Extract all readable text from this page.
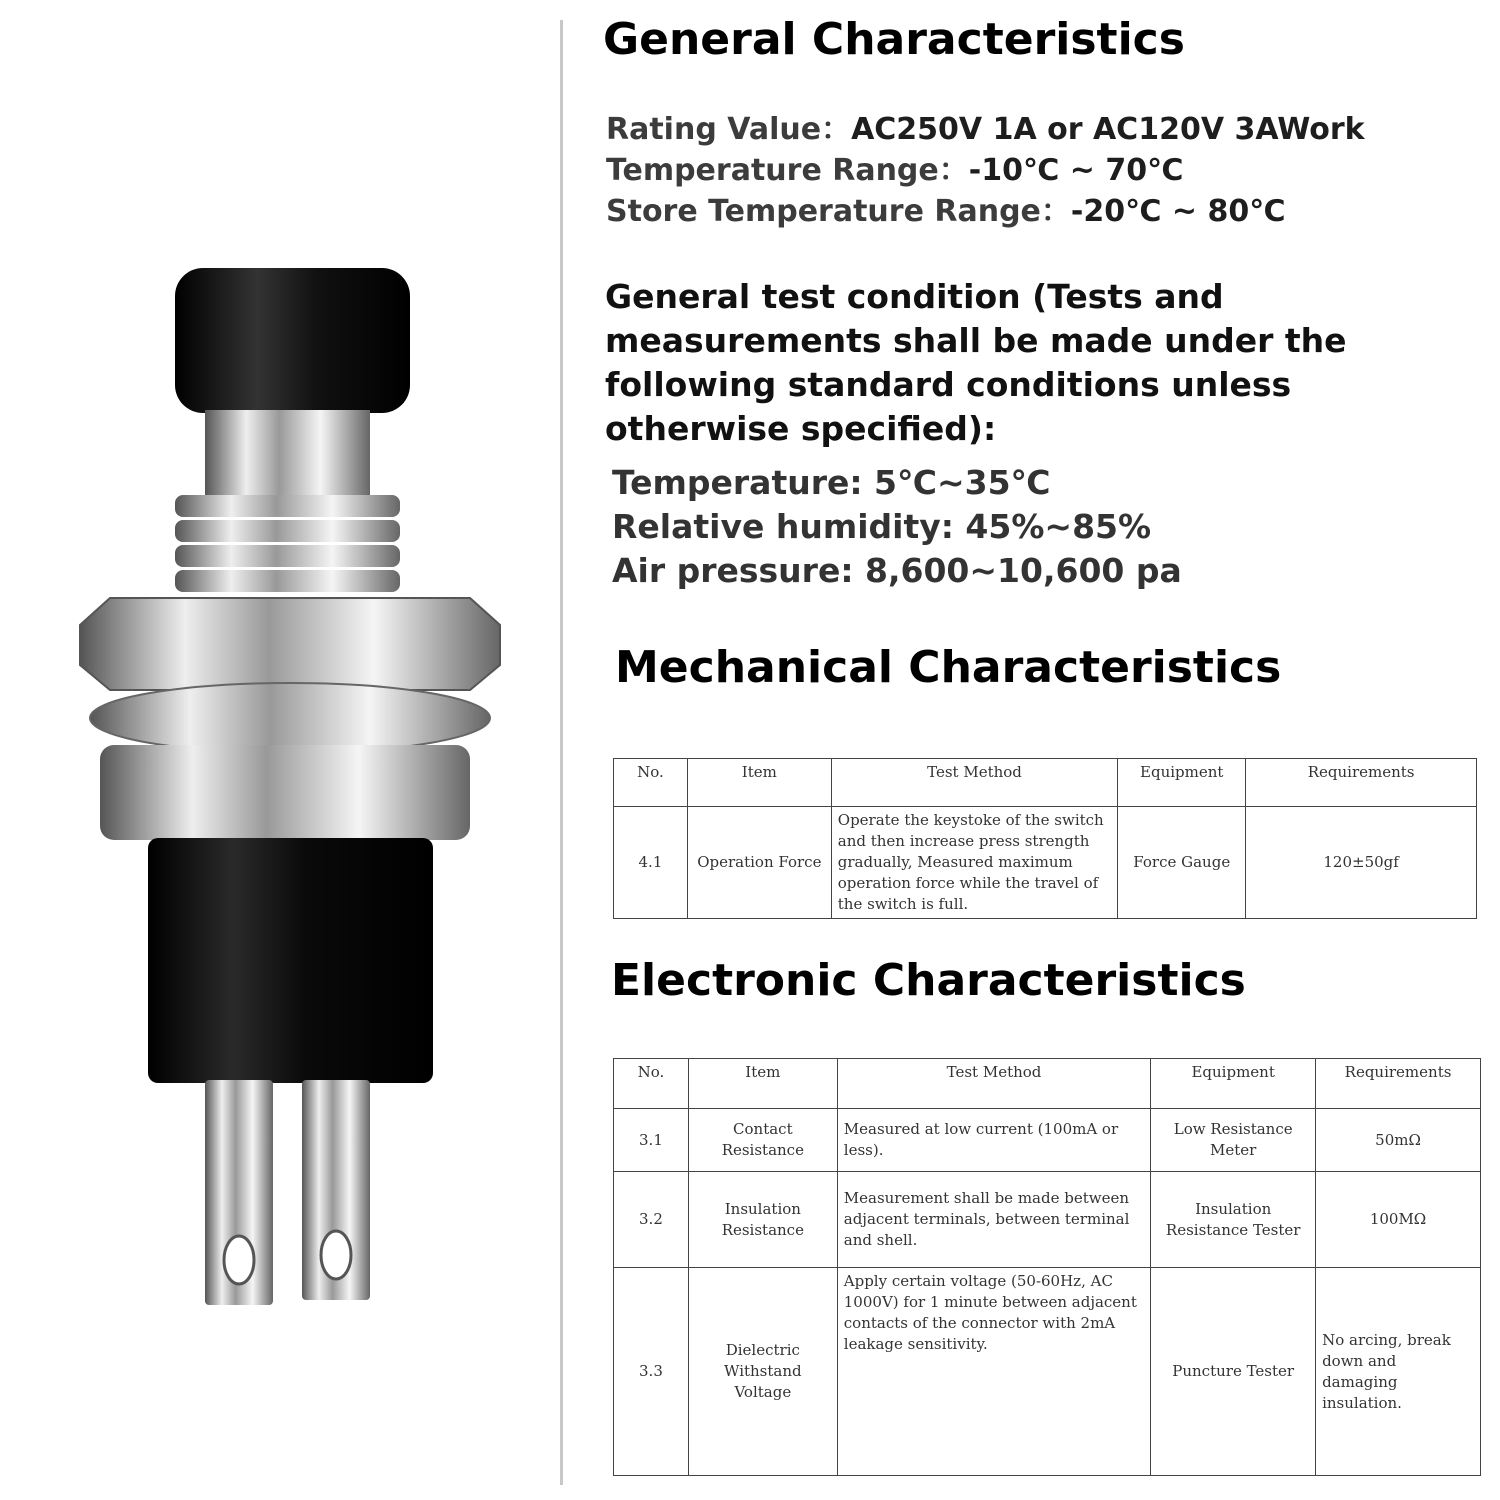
General Characteristics
Rating Value：AC250V 1A or AC120V 3AWork
Temperature Range：-10℃ ~ 70℃
Store Temperature Range：-20℃ ~ 80℃
General test condition (Tests and measurements shall be made under the following standard conditions unless otherwise specified):
Temperature: 5℃~35℃
Relative humidity: 45%~85%
Air pressure: 8,600~10,600 pa
Mechanical Characteristics
No.	Item	Test Method	Equipment	Requirements
4.1	Operation Force	Operate the keystoke of the switch and then increase press strength gradually, Measured maximum operation force while the travel of the switch is full.	Force Gauge	120±50gf
Electronic Characteristics
No.	Item	Test Method	Equipment	Requirements
3.1	Contact Resistance	Measured at low current (100mA or less).	Low Resistance Meter	50mΩ
3.2	Insulation Resistance	Measurement shall be made between adjacent terminals, between terminal and shell.	Insulation Resistance Tester	100MΩ
3.3	Dielectric Withstand Voltage	Apply certain voltage (50-60Hz, AC 1000V) for 1 minute between adjacent contacts of the connector with 2mA leakage sensitivity.	Puncture Tester	No arcing, break down and damaging insulation.
